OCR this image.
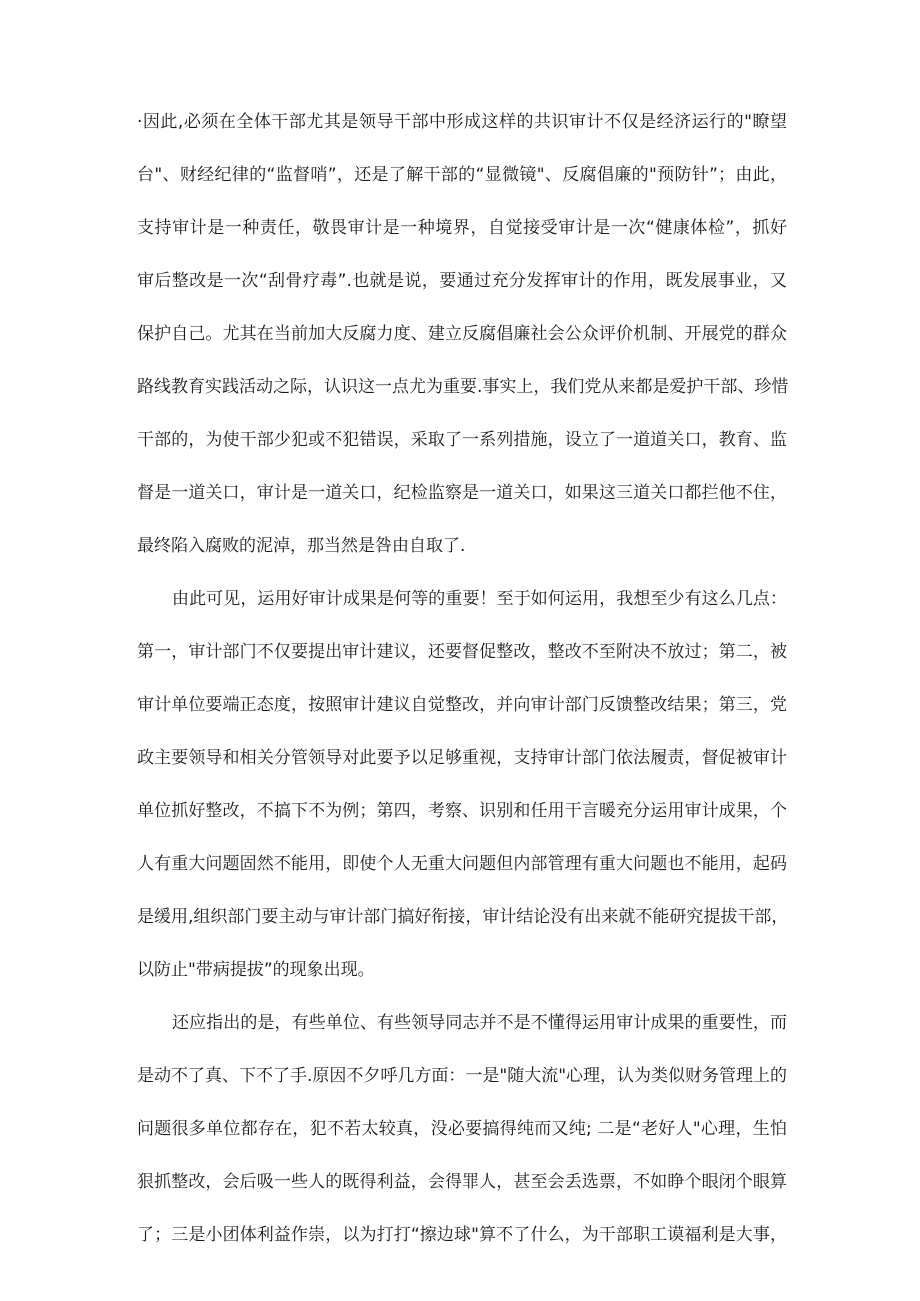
·因此,必须在全体干部尤其是领导干部中形成这样的共识审计不仅是经济运行的"瞭望
台"、财经纪律的“监督哨”，还是了解干部的“显微镜"、反腐倡廉的"预防针”；由此，
支持审计是一种责任，敬畏审计是一种境界，自觉接受审计是一次“健康体检”，抓好
审后整改是一次“刮骨疗毒”.也就是说，要通过充分发挥审计的作用，既发展事业，又
保护自己。尤其在当前加大反腐力度、建立反腐倡廉社会公众评价机制、开展党的群众
路线教育实践活动之际，认识这一点尤为重要.事实上，我们党从来都是爱护干部、珍惜
干部的，为使干部少犯或不犯错误，采取了一系列措施，设立了一道道关口，教育、监
督是一道关口，审计是一道关口，纪检监察是一道关口，如果这三道关口都拦他不住，
最终陷入腐败的泥淖，那当然是咎由自取了.
由此可见，运用好审计成果是何等的重要！至于如何运用，我想至少有这么几点：
第一，审计部门不仅要提出审计建议，还要督促整改，整改不至附决不放过；第二，被
审计单位要端正态度，按照审计建议自觉整改，并向审计部门反馈整改结果；第三，党
政主要领导和相关分管领导对此要予以足够重视，支持审计部门依法履责，督促被审计
单位抓好整改，不搞下不为例；第四，考察、识别和任用干言暖充分运用审计成果，个
人有重大问题固然不能用，即使个人无重大问题但内部管理有重大问题也不能用，起码
是缓用,组织部门要主动与审计部门搞好衔接，审计结论没有出来就不能研究提拔干部，
以防止"带病提拔”的现象出现。
还应指出的是，有些单位、有些领导同志并不是不懂得运用审计成果的重要性，而
是动不了真、下不了手.原因不夕呼几方面：一是"随大流"心理，认为类似财务管理上的
问题很多单位都存在，犯不若太较真，没必要搞得纯而又纯; 二是“老好人"心理，生怕
狠抓整改，会后吸一些人的既得利益，会得罪人，甚至会丢选票，不如睁个眼闭个眼算
了；三是小团体利益作崇，以为打打“擦边球"算不了什么，为干部职工谟福利是大事，
